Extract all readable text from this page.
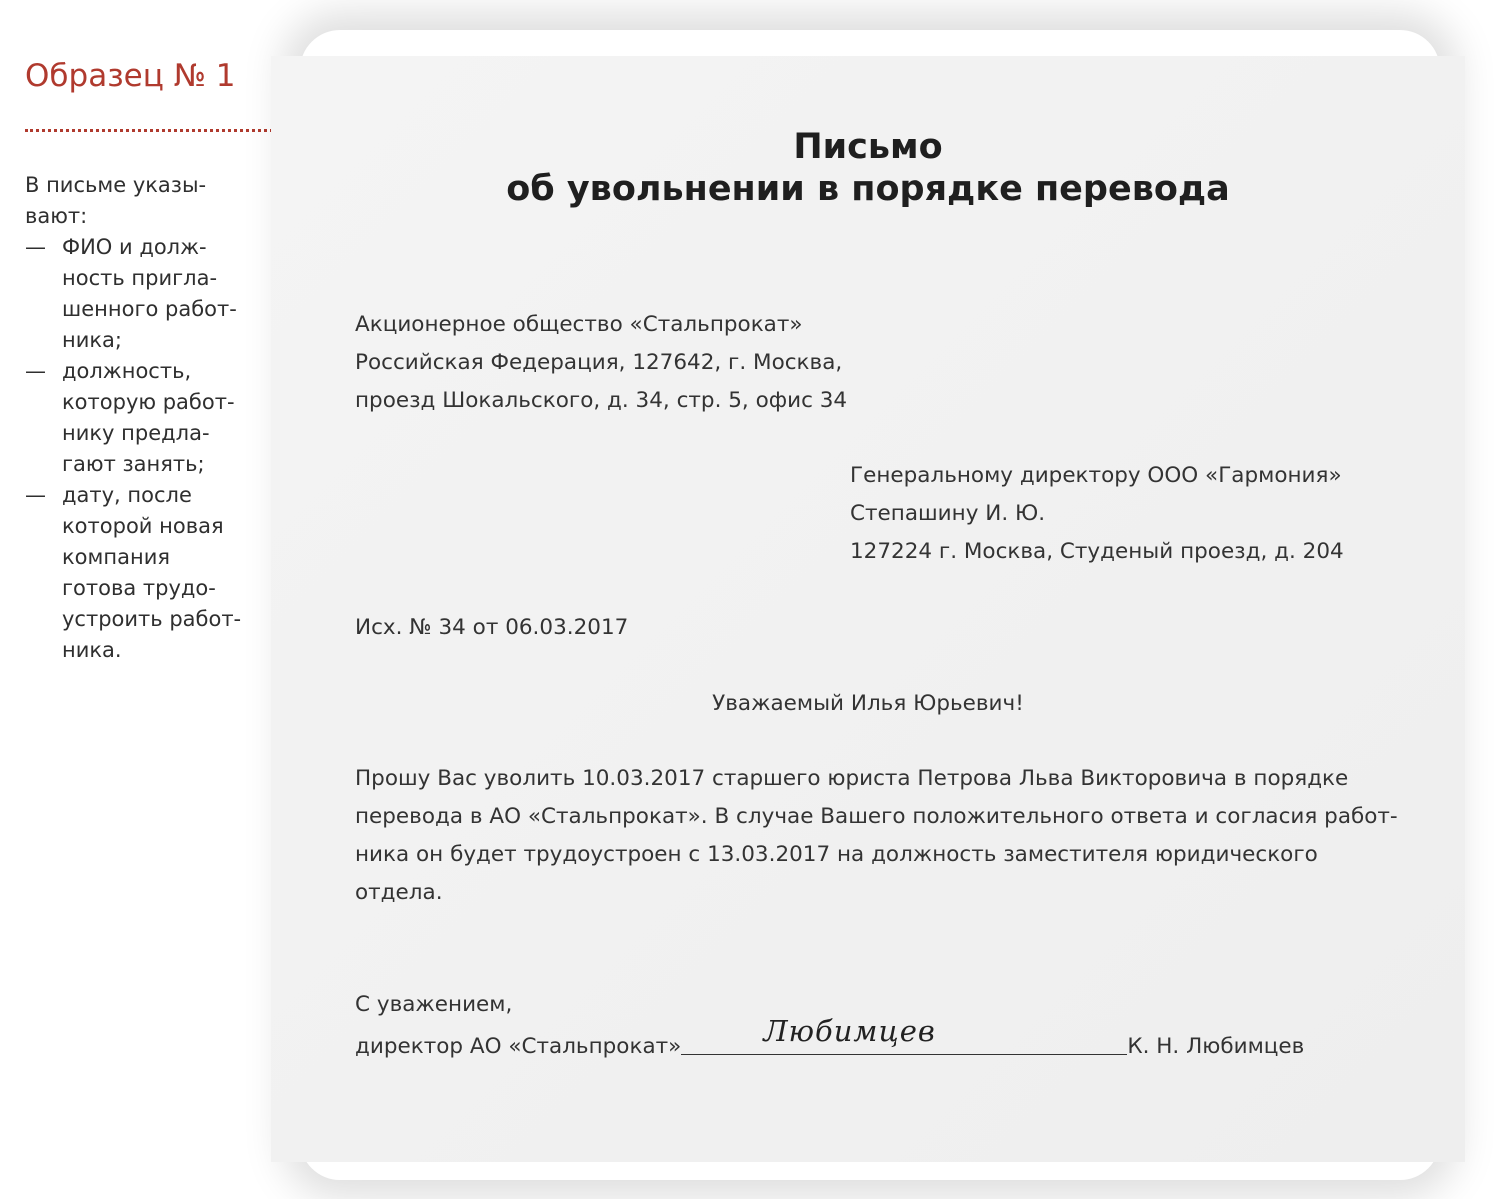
Образец № 1
В письме указы-
вают:
— ФИО и долж-
ность пригла-
шенного работ-
ника;
— должность,
которую работ-
нику предла-
гают занять;
— дату, после
которой новая
компания
готова трудо-
устроить работ-
ника.
Письмо
об увольнении в порядке перевода
Акционерное общество «Стальпрокат»
Российская Федерация, 127642, г. Москва,
проезд Шокальского, д. 34, стр. 5, офис 34
Генеральному директору ООО «Гармония»
Степашину И. Ю.
127224 г. Москва, Студеный проезд, д. 204
Исх. № 34 от 06.03.2017
Уважаемый Илья Юрьевич!
Прошу Вас уволить 10.03.2017 старшего юриста Петрова Льва Викторовича в порядке
перевода в АО «Стальпрокат». В случае Вашего положительного ответа и согласия работ-
ника он будет трудоустроен с 13.03.2017 на должность заместителя юридического
отдела.
С уважением,
директор АО «Стальпрокат»	Любимцев	К. Н. Любимцев
